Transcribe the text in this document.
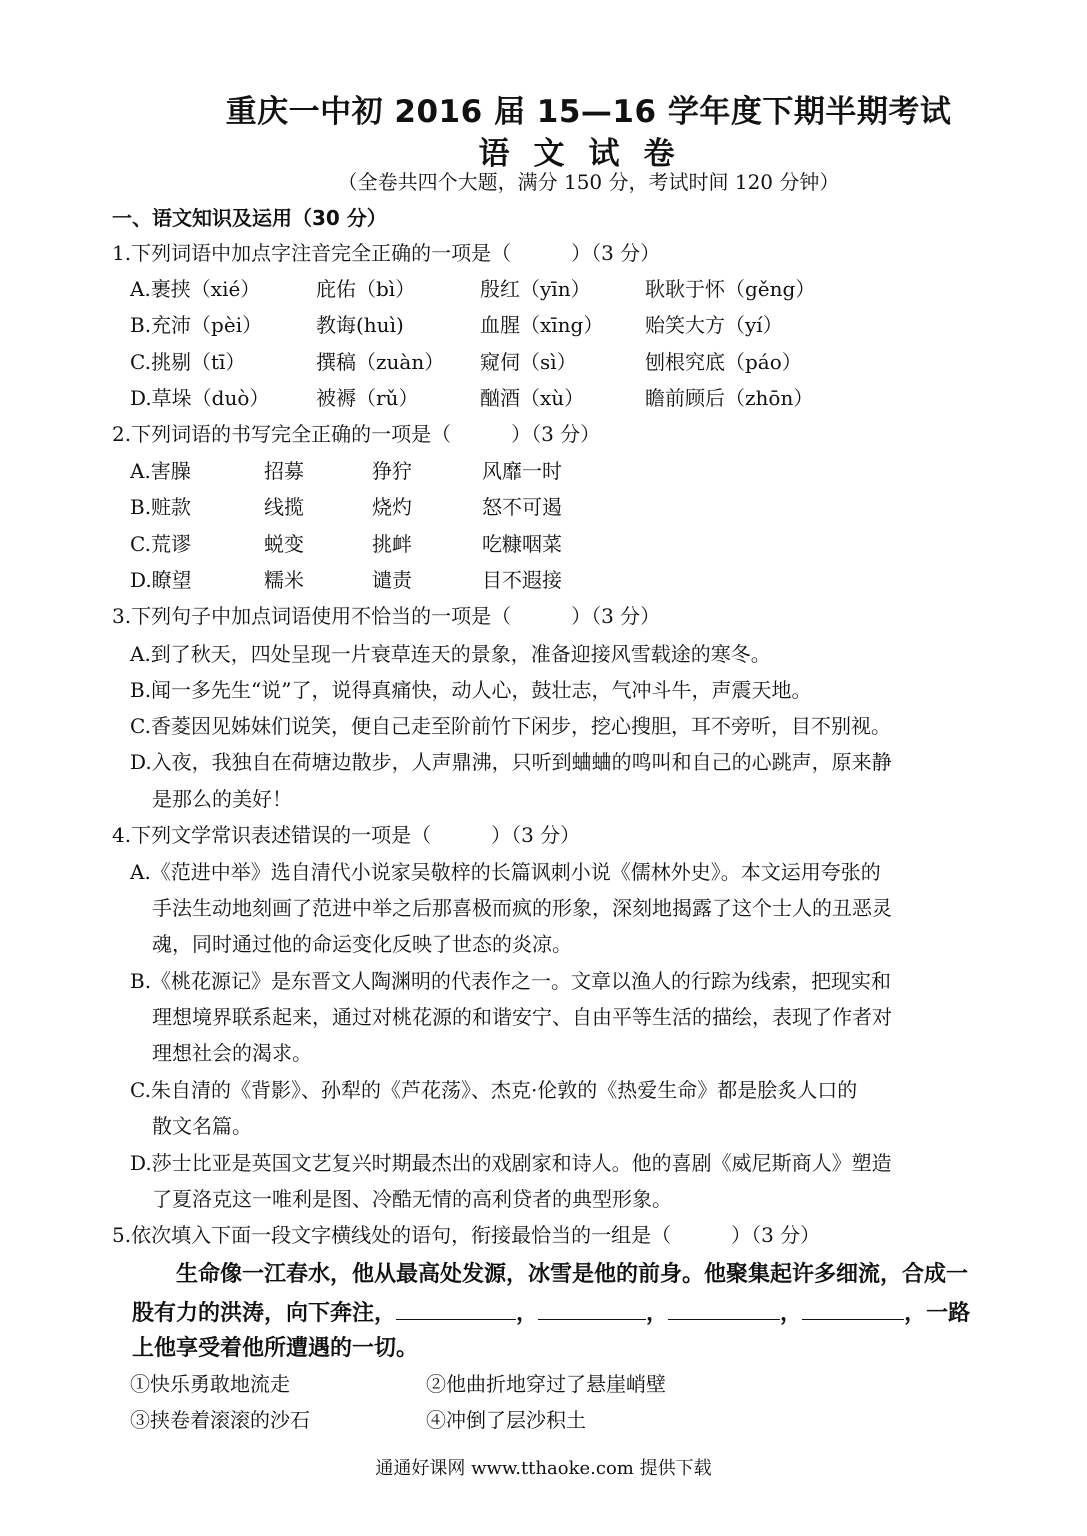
重庆一中初 2016 届 15—16 学年度下期半期考试
语文试卷
（全卷共四个大题，满分 150 分，考试时间 120 分钟）
一、语文知识及运用（30 分）
1.下列词语中加点字注音完全正确的一项是（　　　）（3 分）
A.裹挟（xié）	庇佑（bì）	殷红（yīn）	耿耿于怀（gěng）
B.充沛（pèi）	教诲(huì)	血腥（xīng） 贻笑大方（yí）
C.挑剔（tī）	撰稿（zuàn） 窥伺（sì）	刨根究底（páo）
D.草垛（duò） 被褥（rǔ）	酗酒（xù）	瞻前顾后（zhōn）
2.下列词语的书写完全正确的一项是（　　　）（3 分）
A.害臊	招募	狰狞	风靡一时
B.赃款	线揽	烧灼	怒不可遏
C.荒谬	蜕变	挑衅	吃糠咽菜
D.瞭望	糯米	谴责	目不遐接
3.下列句子中加点词语使用不恰当的一项是（　　　）（3 分）
A.到了秋天，四处呈现一片衰草连天的景象，准备迎接风雪载途的寒冬。
B.闻一多先生“说”了，说得真痛快，动人心，鼓壮志，气冲斗牛，声震天地。
C.香菱因见姊妹们说笑，便自己走至阶前竹下闲步，挖心搜胆，耳不旁听，目不别视。
D.入夜，我独自在荷塘边散步，人声鼎沸，只听到蛐蛐的鸣叫和自己的心跳声，原来静
是那么的美好！
4.下列文学常识表述错误的一项是（　　　）（3 分）
A.《范进中举》选自清代小说家吴敬梓的长篇讽刺小说《儒林外史》。本文运用夸张的
手法生动地刻画了范进中举之后那喜极而疯的形象，深刻地揭露了这个士人的丑恶灵
魂，同时通过他的命运变化反映了世态的炎凉。
B.《桃花源记》是东晋文人陶渊明的代表作之一。文章以渔人的行踪为线索，把现实和
理想境界联系起来，通过对桃花源的和谐安宁、自由平等生活的描绘，表现了作者对
理想社会的渴求。
C.朱自清的《背影》、孙犁的《芦花荡》、杰克·伦敦的《热爱生命》都是脍炙人口的
散文名篇。
D.莎士比亚是英国文艺复兴时期最杰出的戏剧家和诗人。他的喜剧《威尼斯商人》塑造
了夏洛克这一唯利是图、冷酷无情的高利贷者的典型形象。
5.依次填入下面一段文字横线处的语句，衔接最恰当的一组是（　　　）（3 分）
生命像一江春水，他从最高处发源，冰雪是他的前身。他聚集起许多细流，合成一
股有力的洪涛，向下奔注，	，	，	，	，一路
上他享受着他所遭遇的一切。
①快乐勇敢地流走	②他曲折地穿过了悬崖峭壁
③挟卷着滚滚的沙石	④冲倒了层沙积土
通通好课网 www.tthaoke.com 提供下载
